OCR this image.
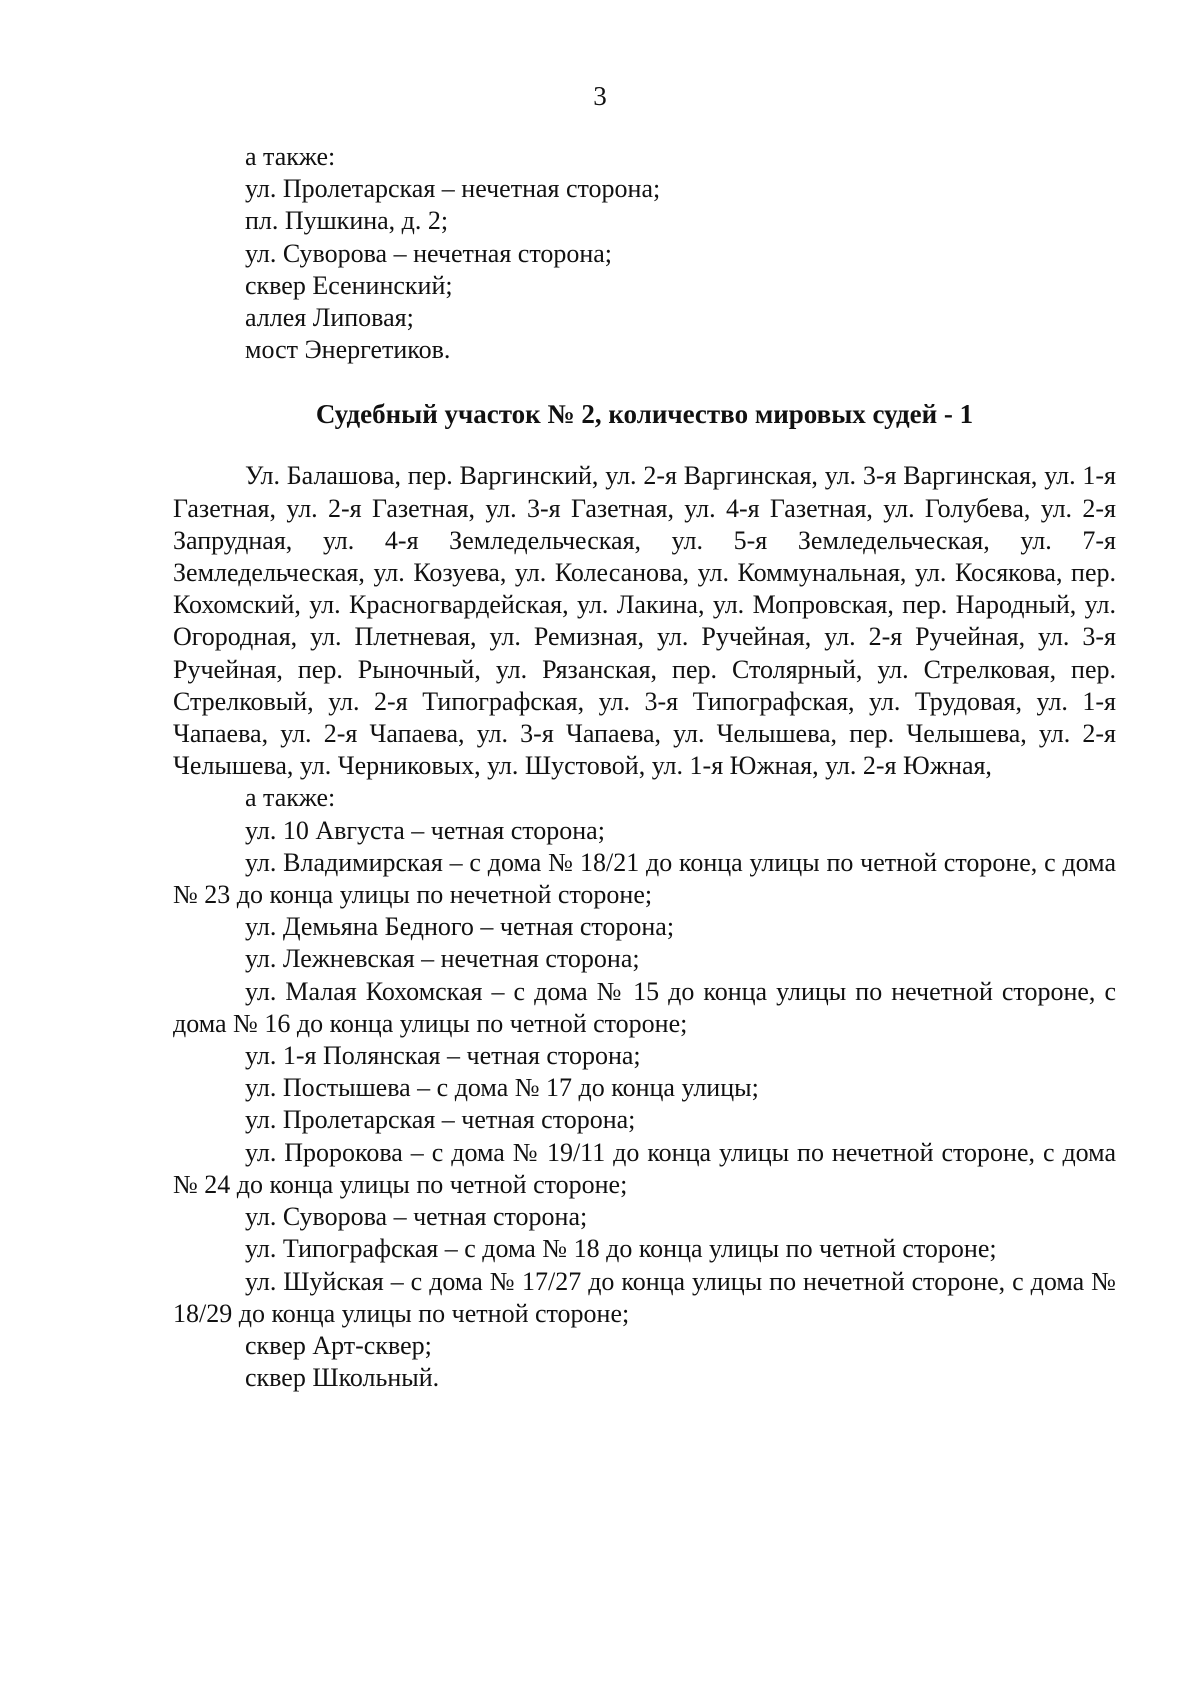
3

а также:

ул. Пролетарская – нечетная сторона;

пл. Пушкина, д. 2;

ул. Суворова – нечетная сторона;

сквер Есенинский;

аллея Липовая;

мост Энергетиков.

Судебный участок № 2, количество мировых судей - 1

Ул. Балашова, пер. Варгинский, ул. 2-я Варгинская, ул. 3-я Варгинская, ул. 1-я Газетная, ул. 2-я Газетная, ул. 3-я Газетная, ул. 4-я Газетная, ул. Голубева, ул. 2-я Запрудная, ул. 4-я Земледельческая, ул. 5-я Земледельческая, ул. 7-я Земледельческая, ул. Козуева, ул. Колесанова, ул. Коммунальная, ул. Косякова, пер. Кохомский, ул. Красногвардейская, ул. Лакина, ул. Мопровская, пер. Народный, ул. Огородная, ул. Плетневая, ул. Ремизная, ул. Ручейная, ул. 2-я Ручейная, ул. 3-я Ручейная, пер. Рыночный, ул. Рязанская, пер. Столярный, ул. Стрелковая, пер. Стрелковый, ул. 2-я Типографская, ул. 3-я Типографская, ул. Трудовая, ул. 1-я Чапаева, ул. 2-я Чапаева, ул. 3-я Чапаева, ул. Челышева, пер. Челышева, ул. 2-я Челышева, ул. Черниковых, ул. Шустовой, ул. 1-я Южная, ул. 2-я Южная,

а также:

ул. 10 Августа – четная сторона;

ул. Владимирская – с дома № 18/21 до конца улицы по четной стороне, с дома № 23 до конца улицы по нечетной стороне;

ул. Демьяна Бедного – четная сторона;

ул. Лежневская – нечетная сторона;

ул. Малая Кохомская – с дома № 15 до конца улицы по нечетной стороне, с дома № 16 до конца улицы по четной стороне;

ул. 1-я Полянская – четная сторона;

ул. Постышева – с дома № 17 до конца улицы;

ул. Пролетарская – четная сторона;

ул. Пророкова – с дома № 19/11 до конца улицы по нечетной стороне, с дома № 24 до конца улицы по четной стороне;

ул. Суворова – четная сторона;

ул. Типографская – с дома № 18 до конца улицы по четной стороне;

ул. Шуйская – с дома № 17/27 до конца улицы по нечетной стороне, с дома № 18/29 до конца улицы по четной стороне;

сквер Арт-сквер;

сквер Школьный.
